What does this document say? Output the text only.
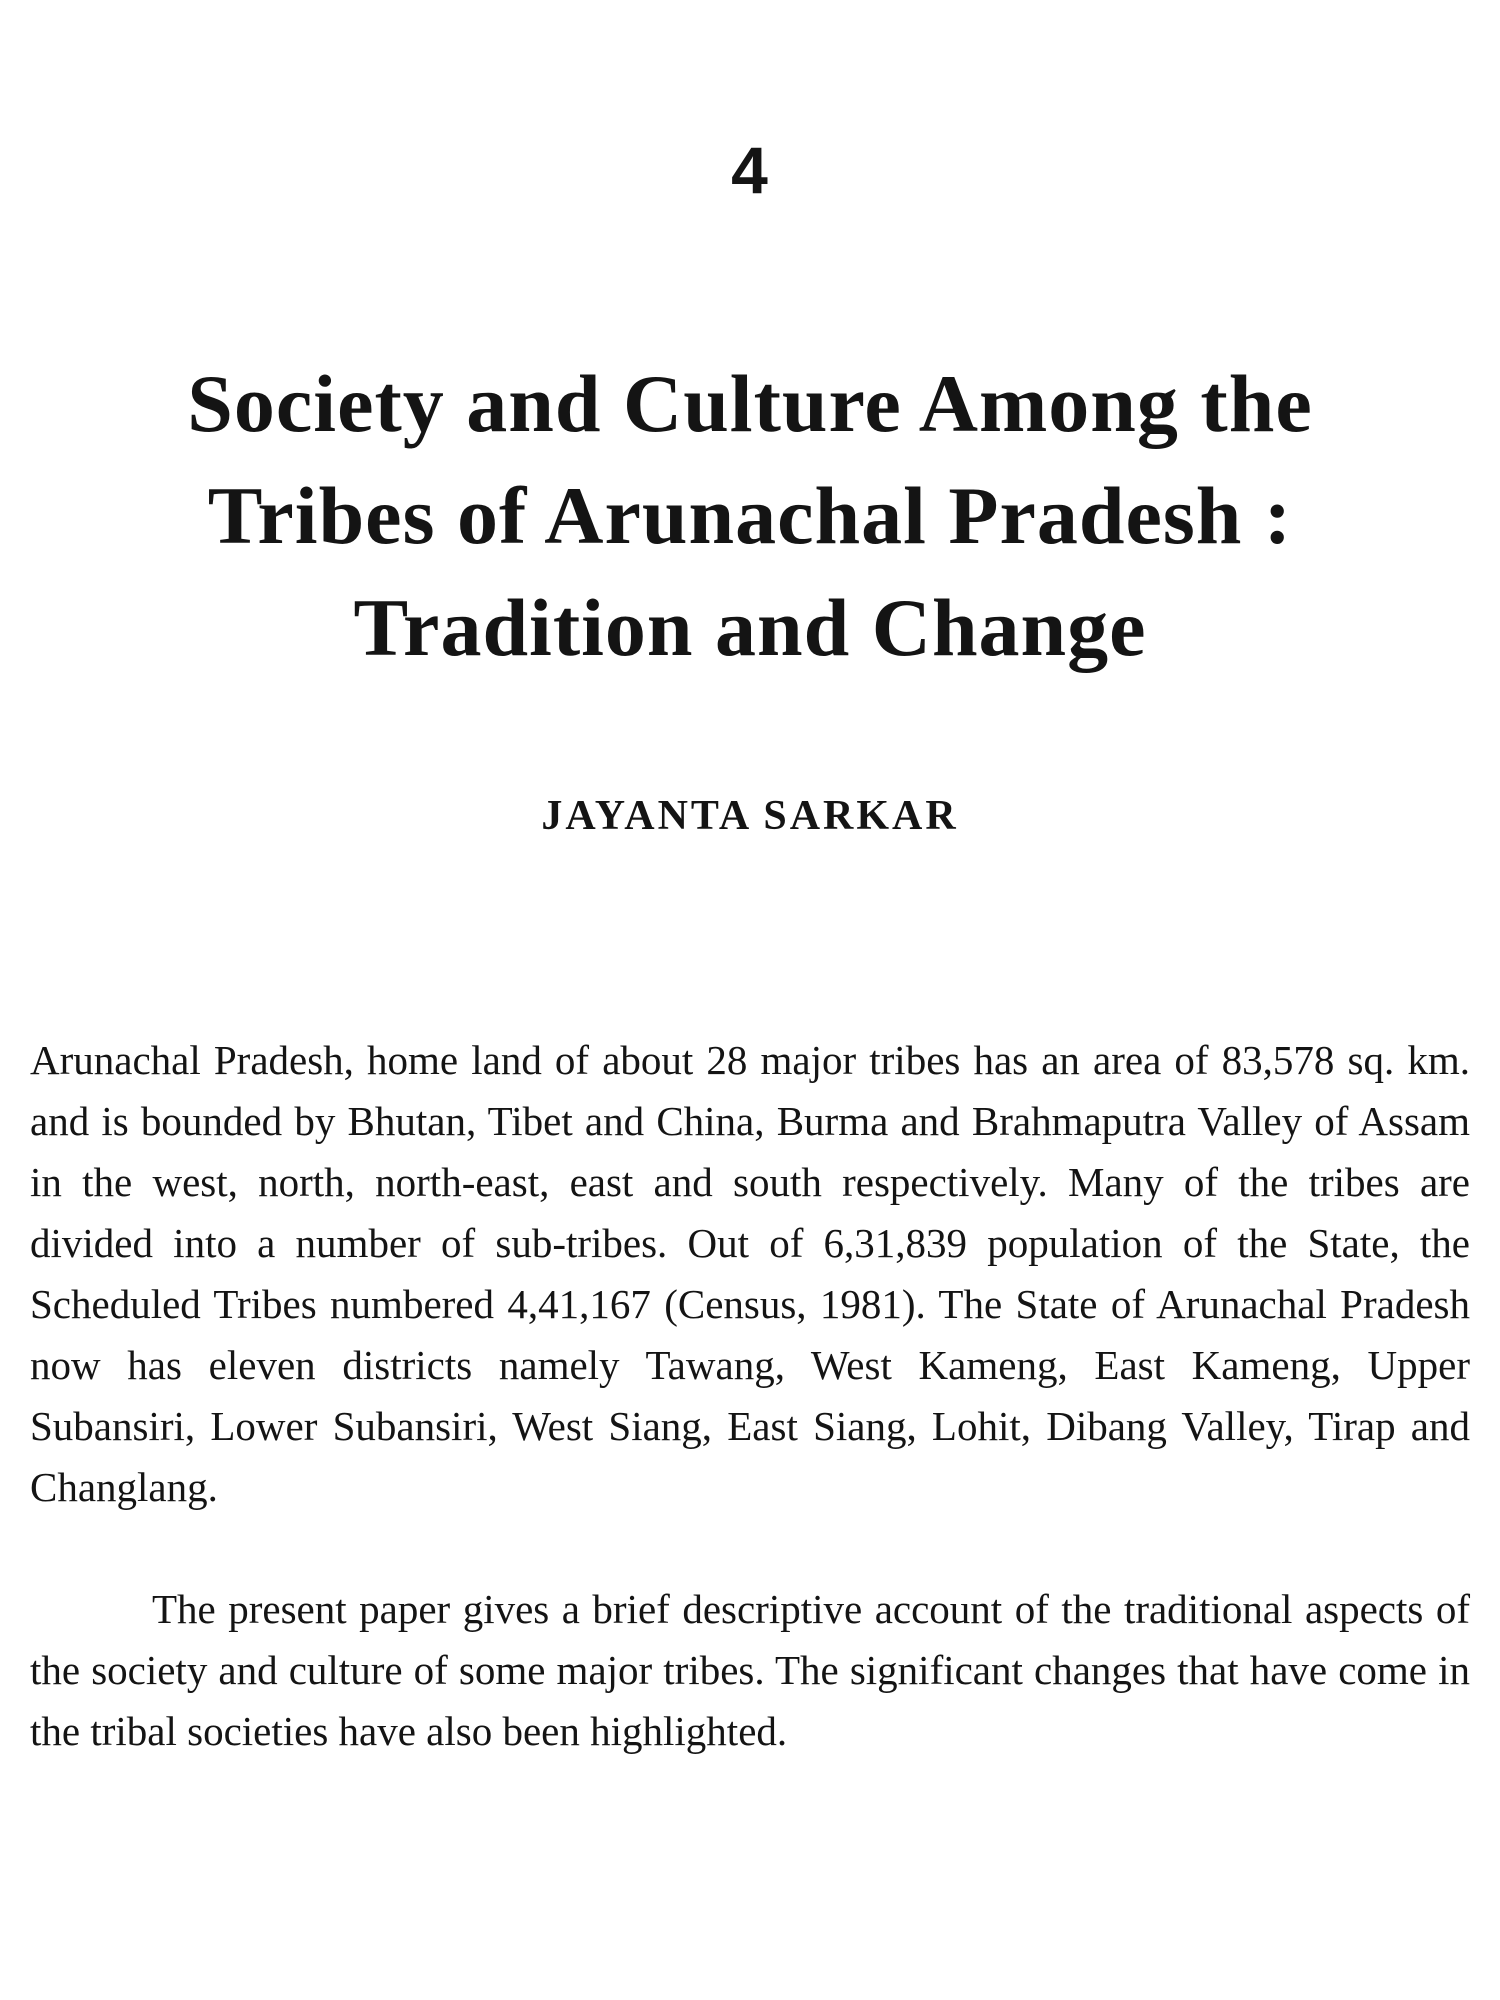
4
Society and Culture Among the
Tribes of Arunachal Pradesh :
Tradition and Change
JAYANTA SARKAR

Arunachal Pradesh, home land of about 28 major tribes has an area of 83,578 sq. km. and is bounded by Bhutan, Tibet and China, Burma and Brahmaputra Valley of Assam in the west, north, north-east, east and south respectively. Many of the tribes are divided into a number of sub-tribes. Out of 6,31,839 population of the State, the Scheduled Tribes numbered 4,41,167 (Census, 1981). The State of Arunachal Pradesh now has eleven districts namely Tawang, West Kameng, East Kameng, Upper Subansiri, Lower Subansiri, West Siang, East Siang, Lohit, Dibang Valley, Tirap and Changlang.

The present paper gives a brief descriptive account of the traditional aspects of the society and culture of some major tribes. The significant changes that have come in the tribal societies have also been highlighted.
